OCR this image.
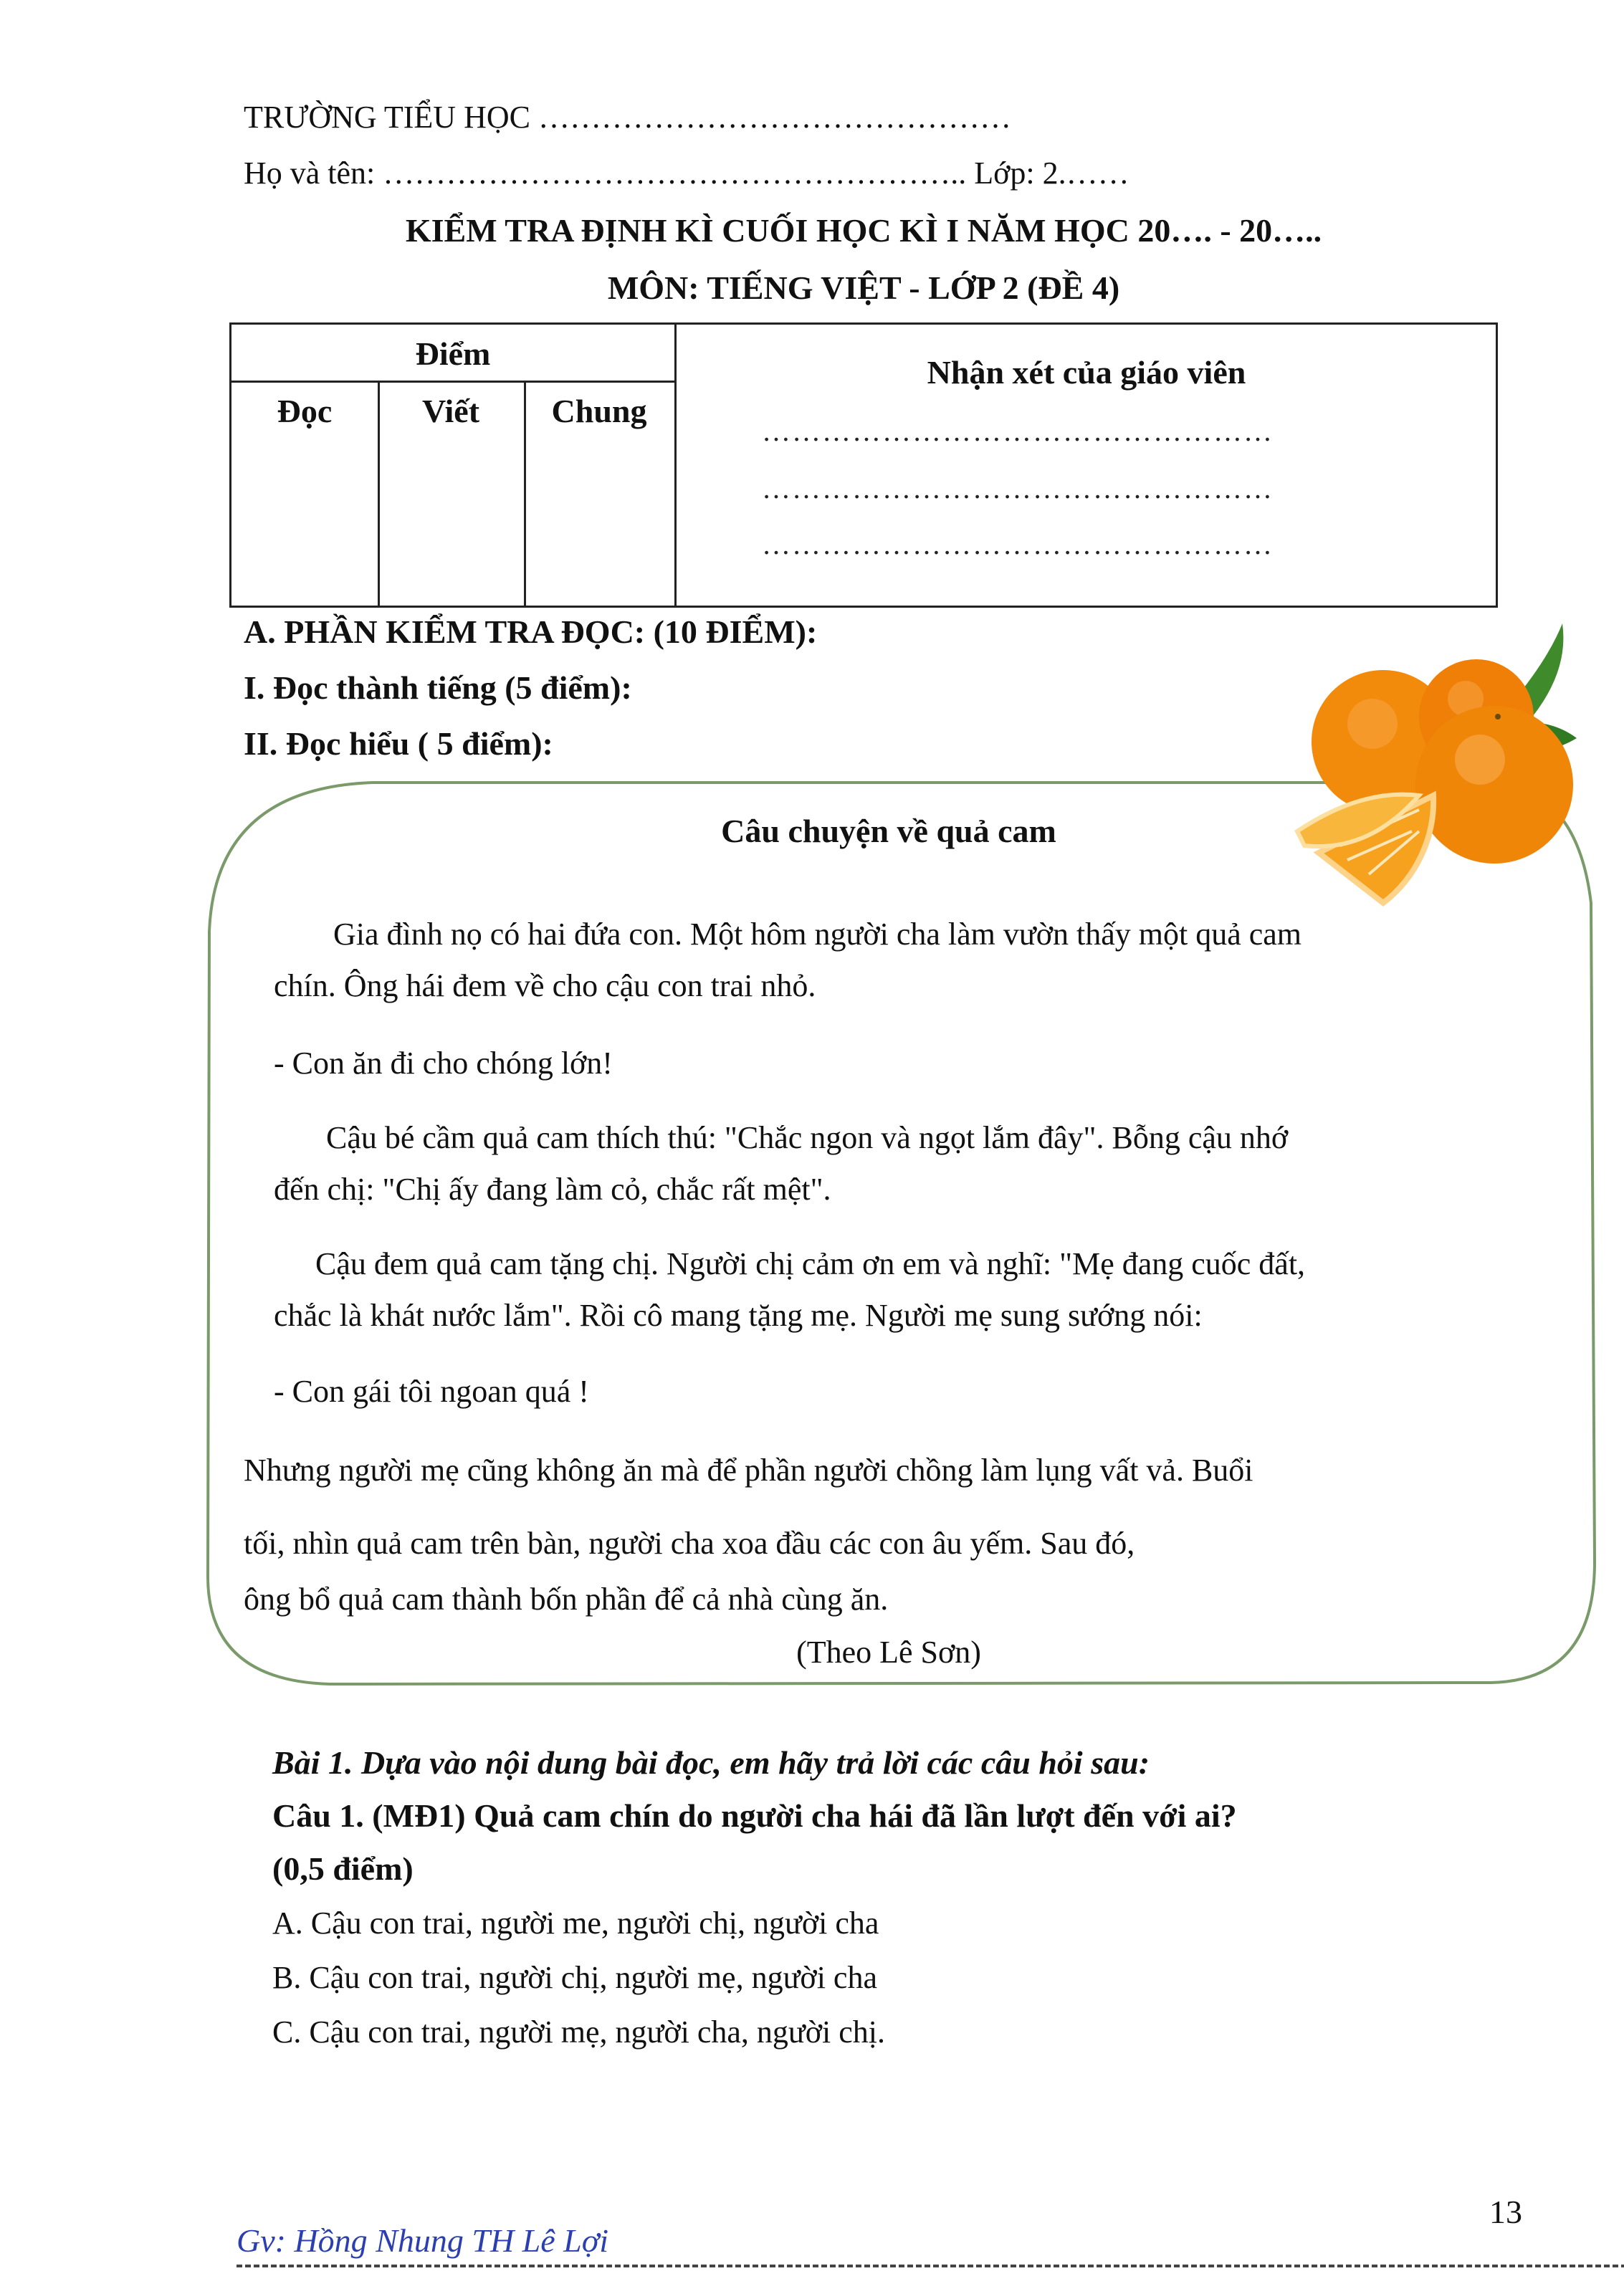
TRƯỜNG TIỂU HỌC ………………………………………
Họ và tên: ……………………………………………….. Lớp: 2.……
KIỂM TRA ĐỊNH KÌ CUỐI HỌC KÌ I NĂM HỌC 20…. - 20…..
MÔN: TIẾNG VIỆT - LỚP 2 (ĐỀ 4)
Điểm
Đọc	Viết	Chung
Nhận xét của giáo viên
……………………………………………
……………………………………………
……………………………………………
A. PHẦN KIỂM TRA ĐỌC: (10 ĐIỂM):
I. Đọc thành tiếng (5 điểm):
II. Đọc hiểu ( 5 điểm):
Câu chuyện về quả cam
Gia đình nọ có hai đứa con. Một hôm người cha làm vườn thấy một quả cam
chín. Ông hái đem về cho cậu con trai nhỏ.
- Con ăn đi cho chóng lớn!
Cậu bé cầm quả cam thích thú: "Chắc ngon và ngọt lắm đây". Bỗng cậu nhớ
đến chị: "Chị ấy đang làm cỏ, chắc rất mệt".
Cậu đem quả cam tặng chị. Người chị cảm ơn em và nghĩ: "Mẹ đang cuốc đất,
chắc là khát nước lắm". Rồi cô mang tặng mẹ. Người mẹ sung sướng nói:
- Con gái tôi ngoan quá !
Nhưng người mẹ cũng không ăn mà để phần người chồng làm lụng vất vả. Buổi
tối, nhìn quả cam trên bàn, người cha xoa đầu các con âu yếm. Sau đó,
ông bổ quả cam thành bốn phần để cả nhà cùng ăn.
(Theo Lê Sơn)
Bài 1. Dựa vào nội dung bài đọc, em hãy trả lời các câu hỏi sau:
Câu 1. (MĐ1) Quả cam chín do người cha hái đã lần lượt đến với ai?
(0,5 điểm)
A. Cậu con trai, người me, người chị, người cha
B. Cậu con trai, người chị, người mẹ, người cha
C. Cậu con trai, người mẹ, người cha, người chị.
13
Gv: Hồng Nhung TH Lê Lợi
